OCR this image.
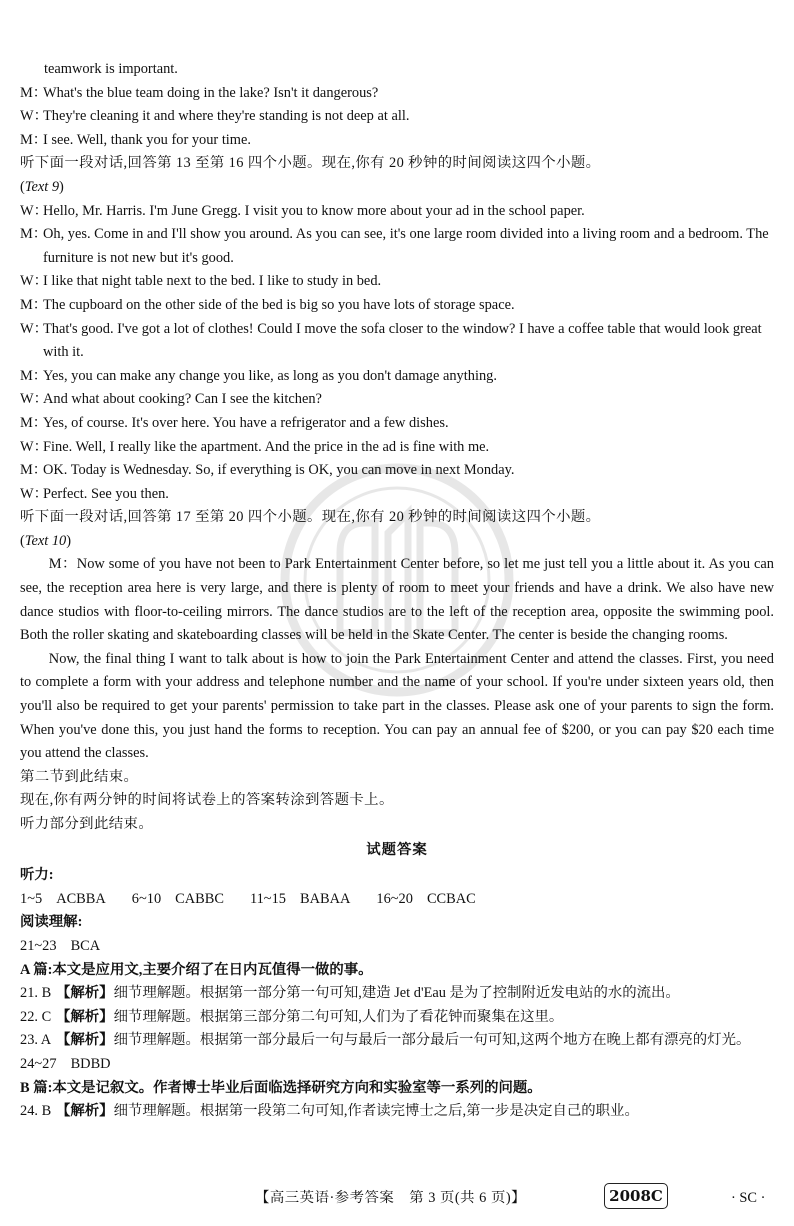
teamwork is important.
M：
What's the blue team doing in the lake? Isn't it dangerous?
W：
They're cleaning it and where they're standing is not deep at all.
M：
I see. Well, thank you for your time.
听下面一段对话,回答第 13 至第 16 四个小题。现在,你有 20 秒钟的时间阅读这四个小题。
(Text 9)
W：
Hello, Mr. Harris. I'm June Gregg. I visit you to know more about your ad in the school paper.
M：
Oh, yes. Come in and I'll show you around. As you can see, it's one large room divided into a living room and a bedroom. The furniture is not new but it's good.
W：
I like that night table next to the bed. I like to study in bed.
M：
The cupboard on the other side of the bed is big so you have lots of storage space.
W：
That's good. I've got a lot of clothes! Could I move the sofa closer to the window? I have a coffee table that would look great with it.
M：
Yes, you can make any change you like, as long as you don't damage anything.
W：
And what about cooking? Can I see the kitchen?
M：
Yes, of course. It's over here. You have a refrigerator and a few dishes.
W：
Fine. Well, I really like the apartment. And the price in the ad is fine with me.
M：
OK. Today is Wednesday. So, if everything is OK, you can move in next Monday.
W：
Perfect. See you then.
听下面一段对话,回答第 17 至第 20 四个小题。现在,你有 20 秒钟的时间阅读这四个小题。
(Text 10)
M：Now some of you have not been to Park Entertainment Center before, so let me just tell you a little about it. As you can see, the reception area here is very large, and there is plenty of room to meet your friends and have a drink. We also have new dance studios with floor-to-ceiling mirrors. The dance studios are to the left of the reception area, opposite the swimming pool. Both the roller skating and skateboarding classes will be held in the Skate Center. The center is beside the changing rooms.
Now, the final thing I want to talk about is how to join the Park Entertainment Center and attend the classes. First, you need to complete a form with your address and telephone number and the name of your school. If you're under sixteen years old, then you'll also be required to get your parents' permission to take part in the classes. Please ask one of your parents to sign the form. When you've done this, you just hand the forms to reception. You can pay an annual fee of $200, or you can pay $20 each time you attend the classes.
第二节到此结束。
现在,你有两分钟的时间将试卷上的答案转涂到答题卡上。
听力部分到此结束。
试题答案
听力:
1~5 ACBBA 6~10 CABBC 11~15 BABAA 16~20 CCBAC
阅读理解:
21~23 BCA
A 篇:本文是应用文,主要介绍了在日内瓦值得一做的事。
21. B 【解析】细节理解题。根据第一部分第一句可知,建造 Jet d'Eau 是为了控制附近发电站的水的流出。
22. C 【解析】细节理解题。根据第三部分第二句可知,人们为了看花钟而聚集在这里。
23. A 【解析】细节理解题。根据第一部分最后一句与最后一部分最后一句可知,这两个地方在晚上都有漂亮的灯光。
24~27 BDBD
B 篇:本文是记叙文。作者博士毕业后面临选择研究方向和实验室等一系列的问题。
24. B 【解析】细节理解题。根据第一段第二句可知,作者读完博士之后,第一步是决定自己的职业。
【高三英语·参考答案　第 3 页(共 6 页)】	2008C	· SC ·
